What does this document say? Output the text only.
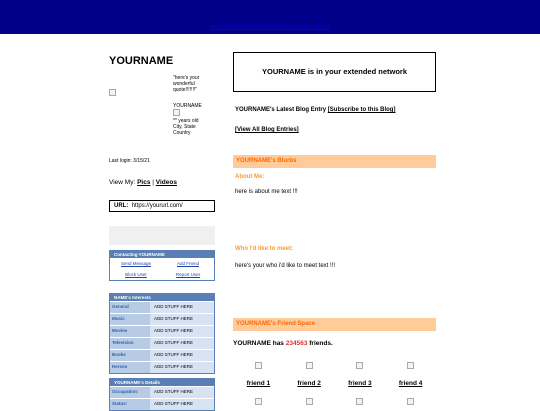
create a myspace layout like this! user guide | layouts
YOURNAME
"here's your wonderful quote!!!!!!!"
YOURNAME
** years old
City, State
Country
Last login: 3/15/21
View My: Pics | Videos
URL: https://yoururl.com/
Contacting YOURNAME
Send Message	Add Friend
Block User	Report User
NAME's Interests
General	ADD STUFF HERE
Music	ADD STUFF HERE
Movies	ADD STUFF HERE
Television	ADD STUFF HERE
Books	ADD STUFF HERE
Heroes	ADD STUFF HERE
YOURNAME's Details
Occupation:	ADD STUFF HERE
Status:	ADD STUFF HERE
YOURNAME is in your extended network
YOURNAME's Latest Blog Entry [Subscribe to this Blog]
[View All Blog Entries]
YOURNAME's Blurbs
About Me:
here is about me text !!!
Who I'd like to meet:
here's your who i'd like to meet text !!!
YOURNAME's Friend Space
YOURNAME has 234563 friends.
friend 1	friend 2	friend 3	friend 4
